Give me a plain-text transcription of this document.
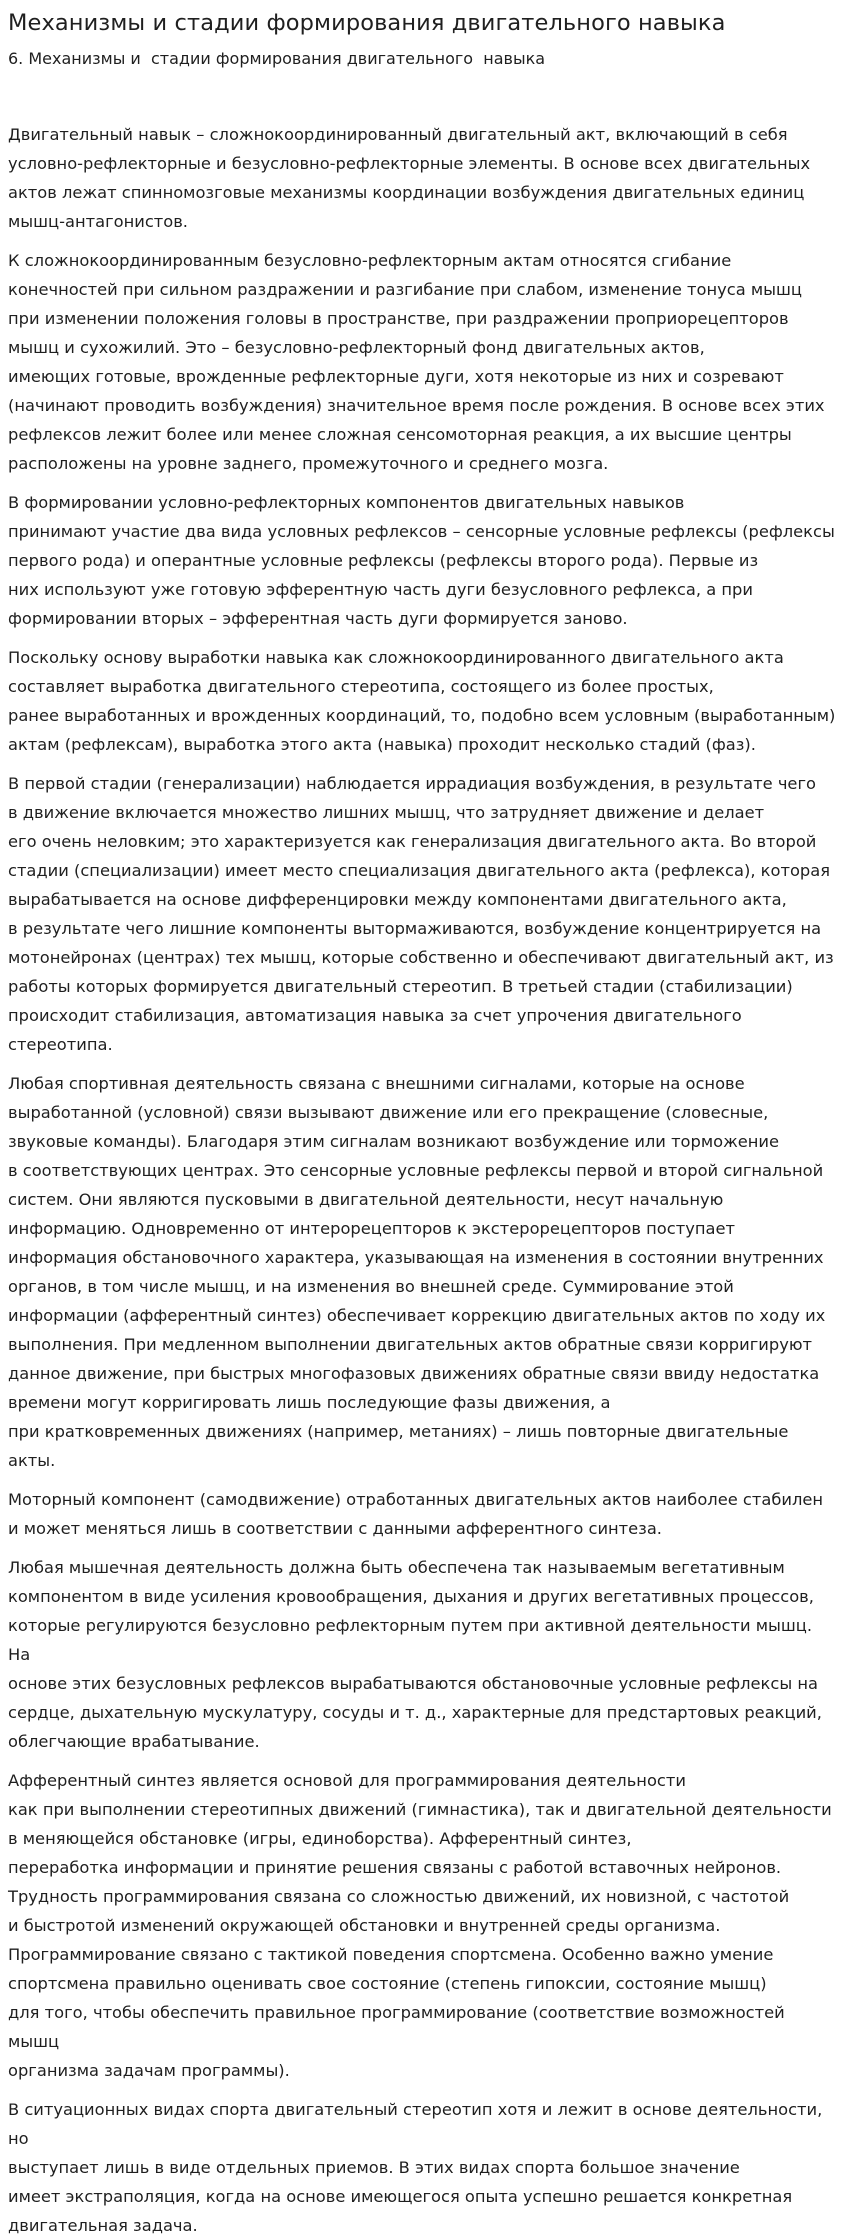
Механизмы и стадии формирования двигательного навыка
6. Механизмы и  стадии формирования двигательного  навыка

Двигательный навык – сложнокоординированный двигательный акт, включающий в себя
условно-рефлекторные и безусловно-рефлекторные элементы. В основе всех двигательных
актов лежат спинномозговые механизмы координации возбуждения двигательных единиц
мышц-антагонистов.

К сложнокоординированным безусловно-рефлекторным актам относятся сгибание
конечностей при сильном раздражении и разгибание при слабом, изменение тонуса мышц
при изменении положения головы в пространстве, при раздражении проприорецепторов
мышц и сухожилий. Это – безусловно-рефлекторный фонд двигательных актов,
имеющих готовые, врожденные рефлекторные дуги, хотя некоторые из них и созревают
(начинают проводить возбуждения) значительное время после рождения. В основе всех этих
рефлексов лежит более или менее сложная сенсомоторная реакция, а их высшие центры
расположены на уровне заднего, промежуточного и среднего мозга.

В формировании условно-рефлекторных компонентов двигательных навыков
принимают участие два вида условных рефлексов – сенсорные условные рефлексы (рефлексы
первого рода) и оперантные условные рефлексы (рефлексы второго рода). Первые из
них используют уже готовую эфферентную часть дуги безусловного рефлекса, а при
формировании вторых – эфферентная часть дуги формируется заново.

Поскольку основу выработки навыка как сложнокоординированного двигательного акта
составляет выработка двигательного стереотипа, состоящего из более простых,
ранее выработанных и врожденных координаций, то, подобно всем условным (выработанным)
актам (рефлексам), выработка этого акта (навыка) проходит несколько стадий (фаз).

В первой стадии (генерализации) наблюдается иррадиация возбуждения, в результате чего
в движение включается множество лишних мышц, что затрудняет движение и делает
его очень неловким; это характеризуется как генерализация двигательного акта. Во второй
стадии (специализации) имеет место специализация двигательного акта (рефлекса), которая
вырабатывается на основе дифференцировки между компонентами двигательного акта,
в результате чего лишние компоненты вытормаживаются, возбуждение концентрируется на
мотонейронах (центрах) тех мышц, которые собственно и обеспечивают двигательный акт, из
работы которых формируется двигательный стереотип. В третьей стадии (стабилизации)
происходит стабилизация, автоматизация навыка за счет упрочения двигательного
стереотипа.

Любая спортивная деятельность связана с внешними сигналами, которые на основе
выработанной (условной) связи вызывают движение или его прекращение (словесные,
звуковые команды). Благодаря этим сигналам возникают возбуждение или торможение
в соответствующих центрах. Это сенсорные условные рефлексы первой и второй сигнальной
систем. Они являются пусковыми в двигательной деятельности, несут начальную
информацию. Одновременно от интерорецепторов к экстерорецепторов поступает
информация обстановочного характера, указывающая на изменения в состоянии внутренних
органов, в том числе мышц, и на изменения во внешней среде. Суммирование этой
информации (афферентный синтез) обеспечивает коррекцию двигательных актов по ходу их
выполнения. При медленном выполнении двигательных актов обратные связи корригируют
данное движение, при быстрых многофазовых движениях обратные связи ввиду недостатка
времени могут корригировать лишь последующие фазы движения, а
при кратковременных движениях (например, метаниях) – лишь повторные двигательные акты.

Моторный компонент (самодвижение) отработанных двигательных актов наиболее стабилен
и может меняться лишь в соответствии с данными афферентного синтеза.

Любая мышечная деятельность должна быть обеспечена так называемым вегетативным
компонентом в виде усиления кровообращения, дыхания и других вегетативных процессов,
которые регулируются безусловно рефлекторным путем при активной деятельности мышц. На
основе этих безусловных рефлексов вырабатываются обстановочные условные рефлексы на
сердце, дыхательную мускулатуру, сосуды и т. д., характерные для предстартовых реакций,
облегчающие врабатывание.

Афферентный синтез является основой для программирования деятельности
как при выполнении стереотипных движений (гимнастика), так и двигательной деятельности
в меняющейся обстановке (игры, единоборства). Афферентный синтез,
переработка информации и принятие решения связаны с работой вставочных нейронов.
Трудность программирования связана со сложностью движений, их новизной, с частотой
и быстротой изменений окружающей обстановки и внутренней среды организма.
Программирование связано с тактикой поведения спортсмена. Особенно важно умение
спортсмена правильно оценивать свое состояние (степень гипоксии, состояние мышц)
для того, чтобы обеспечить правильное программирование (соответствие возможностей мышц
организма задачам программы).

В ситуационных видах спорта двигательный стереотип хотя и лежит в основе деятельности, но
выступает лишь в виде отдельных приемов. В этих видах спорта большое значение
имеет экстраполяция, когда на основе имеющегося опыта успешно решается конкретная
двигательная задача.
